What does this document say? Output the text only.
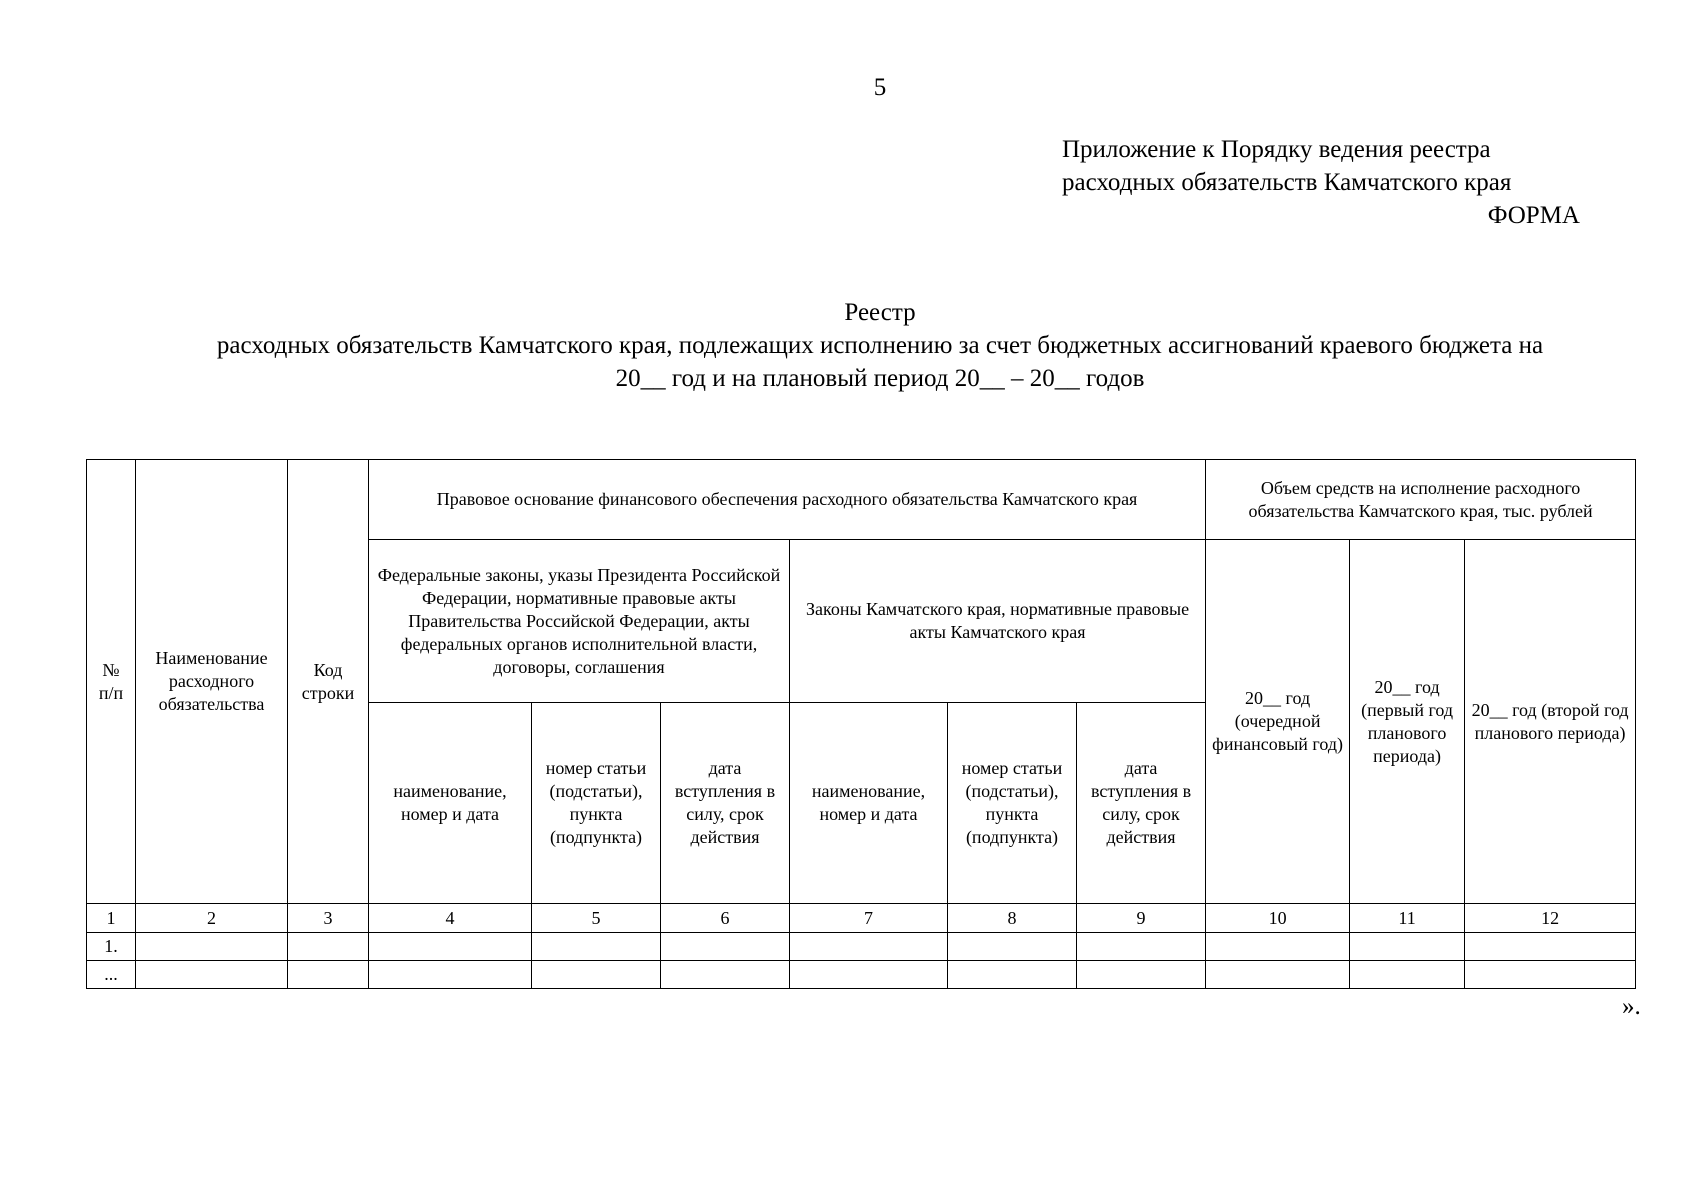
5
Приложение к Порядку ведения реестра
расходных обязательств Камчатского края
ФОРМА
Реестр
расходных обязательств Камчатского края, подлежащих исполнению за счет бюджетных ассигнований краевого бюджета на
20__ год и на плановый период 20__ – 20__ годов
№ п/п	Наименование расходного обязательства	Код строки	Правовое основание финансового обеспечения расходного обязательства Камчатского края						Объем средств на исполнение расходного обязательства Камчатского края, тыс. рублей		
			Федеральные законы, указы Президента Российской Федерации, нормативные правовые акты Правительства Российской Федерации, акты федеральных органов исполнительной власти, договоры, соглашения			Законы Камчатского края, нормативные правовые акты Камчатского края			20__ год (очередной финансовый год)	20__ год (первый год планового периода)	20__ год (второй год планового периода)
			наименование, номер и дата	номер статьи (подстатьи), пункта (подпункта)	дата вступления в силу, срок действия	наименование, номер и дата	номер статьи (подстатьи), пункта (подпункта)	дата вступления в силу, срок действия			
1	2	3	4	5	6	7	8	9	10	11	12
1.											
...											
».
